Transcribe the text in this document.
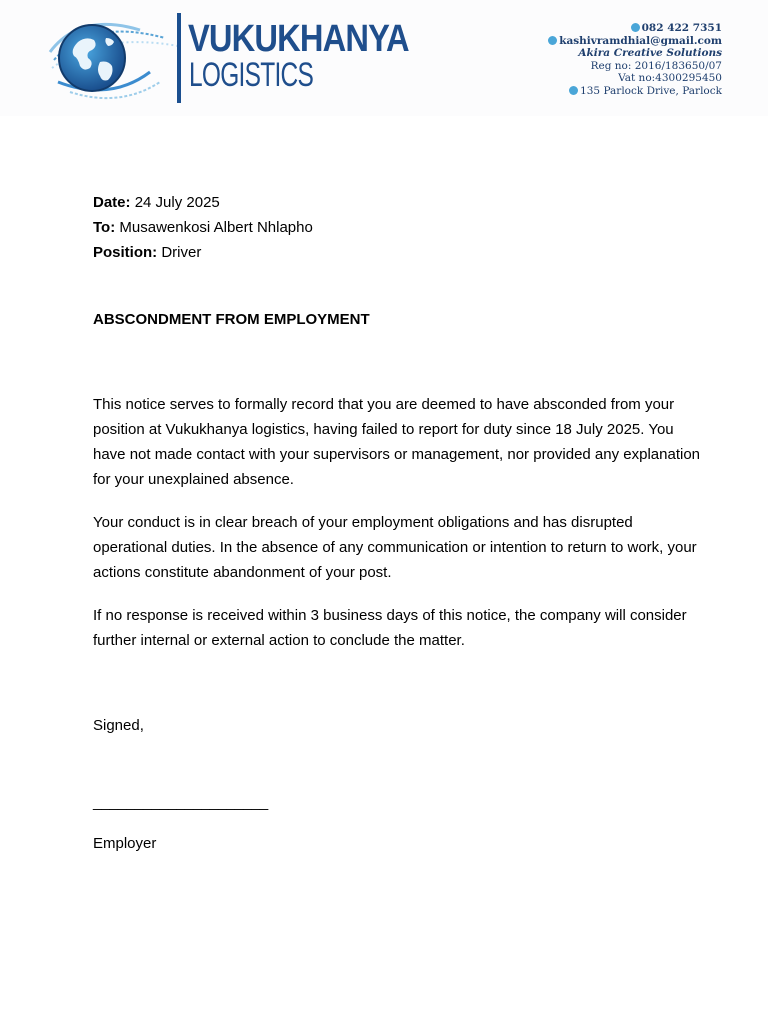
VUKUKHANYA
LOGISTICS
082 422 7351
kashivramdhial@gmail.com
Akira Creative Solutions
Reg no: 2016/183650/07
Vat no:4300295450
135 Parlock Drive, Parlock

Date: 24 July 2025

To: Musawenkosi Albert Nhlapho

Position: Driver

ABSCONDMENT FROM EMPLOYMENT

This notice serves to formally record that you are deemed to have absconded from your position at Vukukhanya logistics, having failed to report for duty since 18 July 2025. You have not made contact with your supervisors or management, nor provided any explanation for your unexplained absence.

Your conduct is in clear breach of your employment obligations and has disrupted operational duties. In the absence of any communication or intention to return to work, your actions constitute abandonment of your post.

If no response is received within 3 business days of this notice, the company will consider further internal or external action to conclude the matter.

Signed,

_____________________

Employer
